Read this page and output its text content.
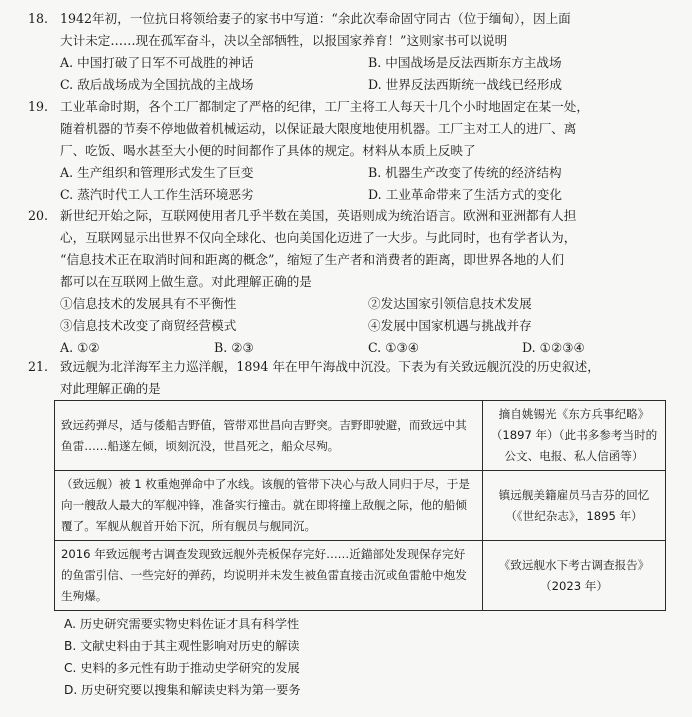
18. 1942年初，一位抗日将领给妻子的家书中写道：“余此次奉命固守同古（位于缅甸），因上面
大计未定……现在孤军奋斗，决以全部牺牲，以报国家养育！”这则家书可以说明
A. 中国打破了日军不可战胜的神话	B. 中国战场是反法西斯东方主战场
C. 敌后战场成为全国抗战的主战场	D. 世界反法西斯统一战线已经形成
19. 工业革命时期，各个工厂都制定了严格的纪律，工厂主将工人每天十几个小时地固定在某一处，
随着机器的节奏不停地做着机械运动，以保证最大限度地使用机器。工厂主对工人的进厂、离
厂、吃饭、喝水甚至大小便的时间都作了具体的规定。材料从本质上反映了
A. 生产组织和管理形式发生了巨变	B. 机器生产改变了传统的经济结构
C. 蒸汽时代工人工作生活环境恶劣	D. 工业革命带来了生活方式的变化
20. 新世纪开始之际，互联网使用者几乎半数在美国，英语则成为统治语言。欧洲和亚洲都有人担
心，互联网显示出世界不仅向全球化、也向美国化迈进了一大步。与此同时，也有学者认为，
“信息技术正在取消时间和距离的概念”，缩短了生产者和消费者的距离，即世界各地的人们
都可以在互联网上做生意。对此理解正确的是
①信息技术的发展具有不平衡性	②发达国家引领信息技术发展
③信息技术改变了商贸经营模式	④发展中国家机遇与挑战并存
A. ①②	B. ②③	C. ①③④	D. ①②③④
21. 致远舰为北洋海军主力巡洋舰，1894 年在甲午海战中沉没。下表为有关致远舰沉没的历史叙述，
对此理解正确的是
致远药弹尽，适与倭船吉野值，管带邓世昌向吉野突。吉野即驶避，而致远中其鱼雷……船遂左倾，顷刻沉没，世昌死之，船众尽殉。	摘自姚锡光《东方兵事纪略》（1897 年）（此书多参考当时的公文、电报、私人信函等）
（致远舰）被 1 枚重炮弹命中了水线。该舰的管带下决心与敌人同归于尽，于是向一艘敌人最大的军舰冲锋，准备实行撞击。就在即将撞上敌舰之际，他的船倾覆了。军舰从舰首开始下沉，所有舰员与舰同沉。	镇远舰美籍雇员马吉芬的回忆（《世纪杂志》，1895 年）
2016 年致远舰考古调查发现致远舰外壳板保存完好……近錨部处发现保存完好的鱼雷引信、一些完好的弹药，均说明并未发生被鱼雷直接击沉或鱼雷舱中炮发生殉爆。	《致远舰水下考古调查报告》（2023 年）
A. 历史研究需要实物史料佐证才具有科学性
B. 文献史料由于其主观性影响对历史的解读
C. 史料的多元性有助于推动史学研究的发展
D. 历史研究要以搜集和解读史料为第一要务
